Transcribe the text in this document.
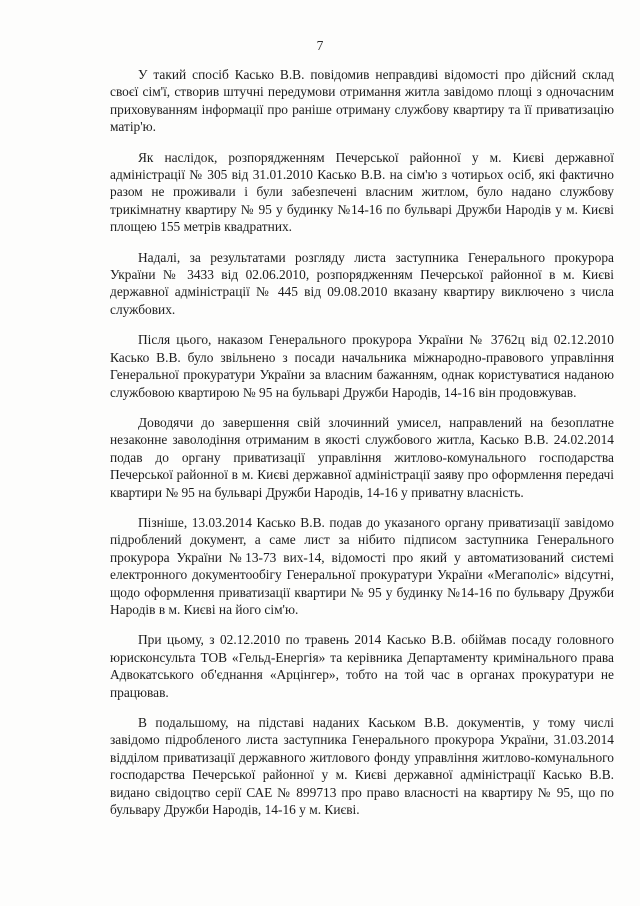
7

У такий спосіб Касько В.В. повідомив неправдиві відомості про дійсний склад своєї сім'ї, створив штучні передумови отримання житла завідомо площі з одночасним приховуванням інформації про раніше отриману службову квартиру та її приватизацію матір'ю.

Як наслідок, розпорядженням Печерської районної у м. Києві державної адміністрації № 305 від 31.01.2010 Касько В.В. на сім'ю з чотирьох осіб, які фактично разом не проживали і були забезпечені власним житлом, було надано службову трикімнатну квартиру № 95 у будинку №14-16 по бульварі Дружби Народів у м. Києві площею 155 метрів квадратних.

Надалі, за результатами розгляду листа заступника Генерального прокурора України № 3433 від 02.06.2010, розпорядженням Печерської районної в м. Києві державної адміністрації № 445 від 09.08.2010 вказану квартиру виключено з числа службових.

Після цього, наказом Генерального прокурора України № 3762ц від 02.12.2010 Касько В.В. було звільнено з посади начальника міжнародно-правового управління Генеральної прокуратури України за власним бажанням, однак користуватися наданою службовою квартирою № 95 на бульварі Дружби Народів, 14-16 він продовжував.

Доводячи до завершення свій злочинний умисел, направлений на безоплатне незаконне заволодіння отриманим в якості службового житла, Касько В.В. 24.02.2014 подав до органу приватизації управління житлово-комунального господарства Печерської районної в м. Києві державної адміністрації заяву про оформлення передачі квартири № 95 на бульварі Дружби Народів, 14-16 у приватну власність.

Пізніше, 13.03.2014 Касько В.В. подав до указаного органу приватизації завідомо підроблений документ, а саме лист за нібито підписом заступника Генерального прокурора України №13-73 вих-14, відомості про який у автоматизований системі електронного документообігу Генеральної прокуратури України «Мегаполіс» відсутні, щодо оформлення приватизації квартири № 95 у будинку №14-16 по бульвару Дружби Народів в м. Києві на його сім'ю.

При цьому, з 02.12.2010 по травень 2014 Касько В.В. обіймав посаду головного юрисконсульта ТОВ «Гельд-Енергія» та керівника Департаменту кримінального права Адвокатського об'єднання «Арцінгер», тобто на той час в органах прокуратури не працював.

В подальшому, на підставі наданих Каськом В.В. документів, у тому числі завідомо підробленого листа заступника Генерального прокурора України, 31.03.2014 відділом приватизації державного житлового фонду управління житлово-комунального господарства Печерської районної у м. Києві державної адміністрації Касько В.В. видано свідоцтво серії САЕ № 899713 про право власності на квартиру № 95, що по бульвару Дружби Народів, 14-16 у м. Києві.
